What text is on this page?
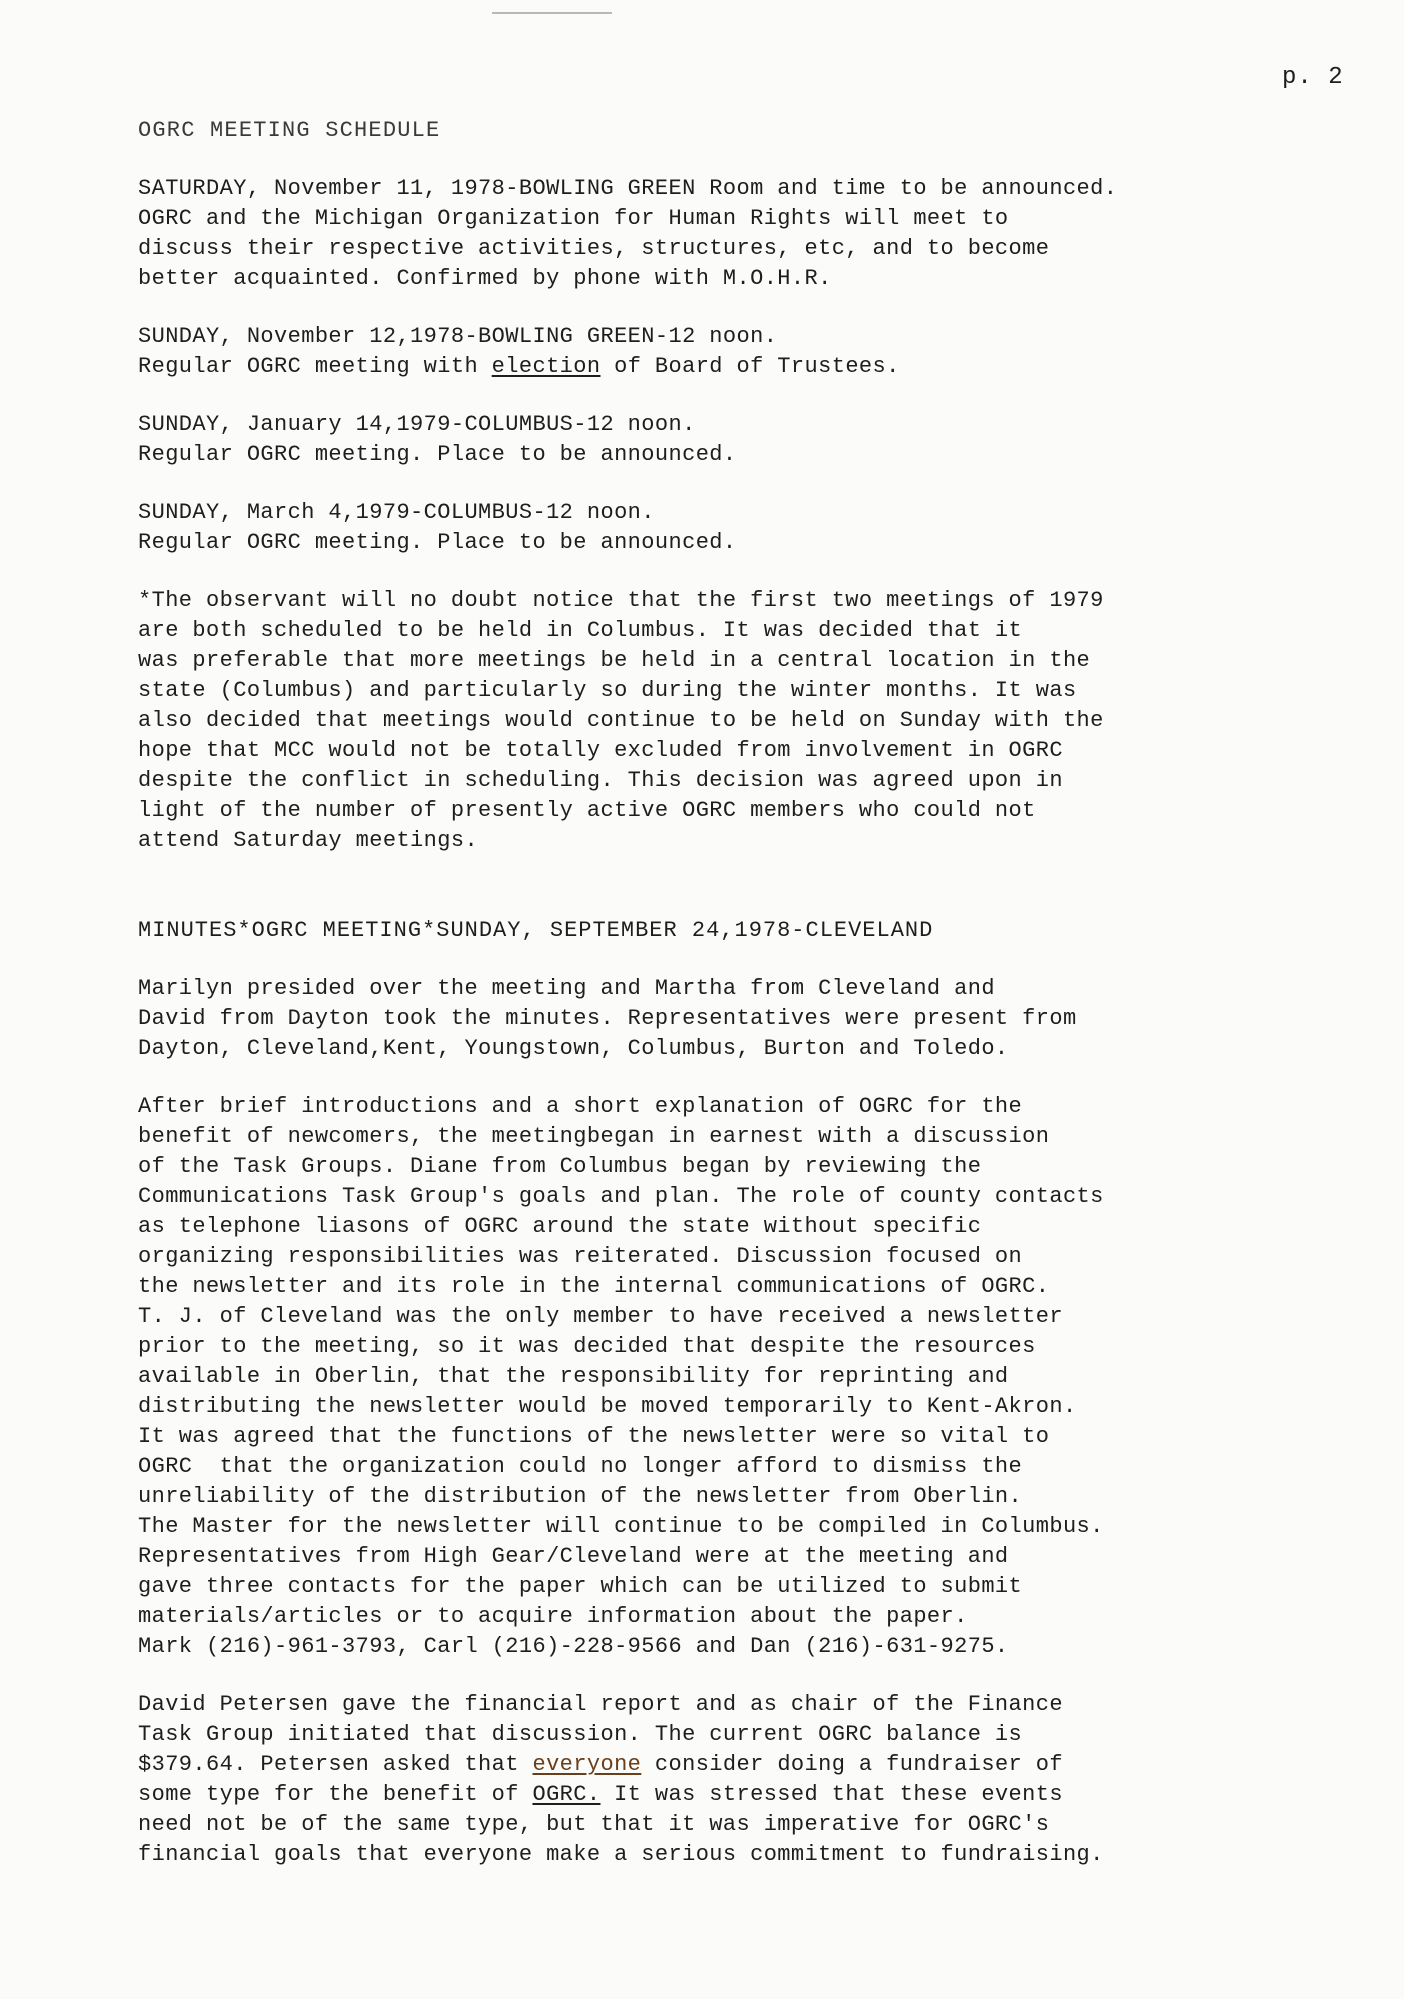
p. 2
OGRC MEETING SCHEDULE
SATURDAY, November 11, 1978-BOWLING GREEN Room and time to be announced.
OGRC and the Michigan Organization for Human Rights will meet to
discuss their respective activities, structures, etc, and to become
better acquainted. Confirmed by phone with M.O.H.R.
SUNDAY, November 12,1978-BOWLING GREEN-12 noon.
Regular OGRC meeting with election of Board of Trustees.
SUNDAY, January 14,1979-COLUMBUS-12 noon.
Regular OGRC meeting. Place to be announced.
SUNDAY, March 4,1979-COLUMBUS-12 noon.
Regular OGRC meeting. Place to be announced.
*The observant will no doubt notice that the first two meetings of 1979
are both scheduled to be held in Columbus. It was decided that it
was preferable that more meetings be held in a central location in the
state (Columbus) and particularly so during the winter months. It was
also decided that meetings would continue to be held on Sunday with the
hope that MCC would not be totally excluded from involvement in OGRC
despite the conflict in scheduling. This decision was agreed upon in
light of the number of presently active OGRC members who could not
attend Saturday meetings.
MINUTES*OGRC MEETING*SUNDAY, SEPTEMBER 24,1978-CLEVELAND

Marilyn presided over the meeting and Martha from Cleveland and
David from Dayton took the minutes. Representatives were present from
Dayton, Cleveland,Kent, Youngstown, Columbus, Burton and Toledo.

After brief introductions and a short explanation of OGRC for the
benefit of newcomers, the meetingbegan in earnest with a discussion
of the Task Groups. Diane from Columbus began by reviewing the
Communications Task Group's goals and plan. The role of county contacts
as telephone liasons of OGRC around the state without specific
organizing responsibilities was reiterated. Discussion focused on
the newsletter and its role in the internal communications of OGRC.
T. J. of Cleveland was the only member to have received a newsletter
prior to the meeting, so it was decided that despite the resources
available in Oberlin, that the responsibility for reprinting and
distributing the newsletter would be moved temporarily to Kent-Akron.
It was agreed that the functions of the newsletter were so vital to
OGRC  that the organization could no longer afford to dismiss the
unreliability of the distribution of the newsletter from Oberlin.
The Master for the newsletter will continue to be compiled in Columbus.
Representatives from High Gear/Cleveland were at the meeting and
gave three contacts for the paper which can be utilized to submit
materials/articles or to acquire information about the paper.
Mark (216)-961-3793, Carl (216)-228-9566 and Dan (216)-631-9275.

David Petersen gave the financial report and as chair of the Finance
Task Group initiated that discussion. The current OGRC balance is
$379.64. Petersen asked that everyone consider doing a fundraiser of
some type for the benefit of OGRC. It was stressed that these events
need not be of the same type, but that it was imperative for OGRC's
financial goals that everyone make a serious commitment to fundraising.
